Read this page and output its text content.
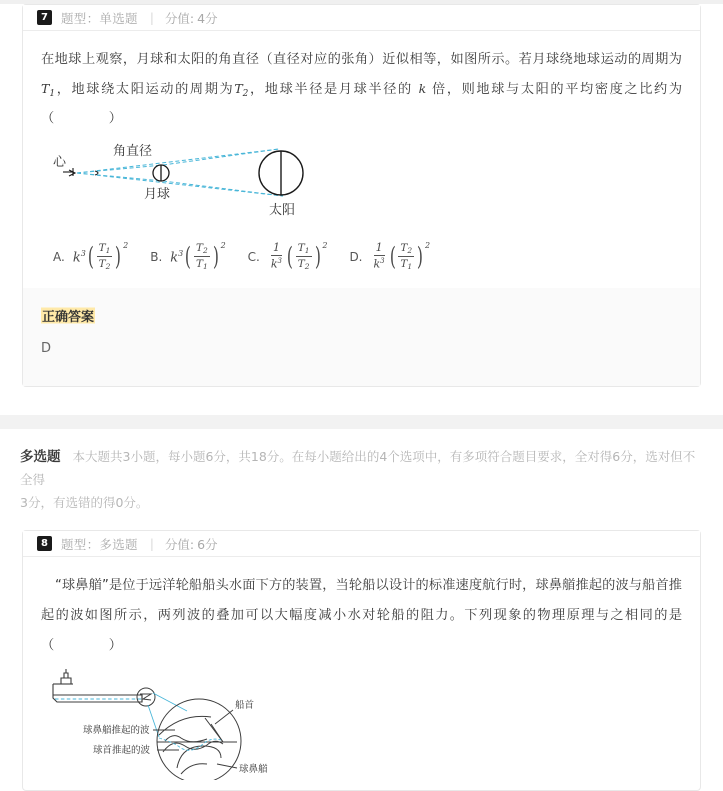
7	题型： 单选题 | 分值: 4分
在地球上观察，月球和太阳的角直径（直径对应的张角）近似相等，如图所示。若月球绕地球运动的周期为$T_1$，地球绕太阳运动的周期为$T_2$，地球半径是月球半径的 k 倍，则地球与太阳的平均密度之比约为（	）
心
角直径
月球
太阳
A. $k^3$ ( $\frac{T1}{T2} )^2$
B. $k^3$ ( $\frac{T2}{T1} )^2$
C. $\frac{1}{k^3}$ ( $\frac{T1}{T2} )^2$
D. $\frac{1}{k^3}$ ( $\frac{T2}{T1} )^2$
正确答案
D
多选题 本大题共3小题，每小题6分，共18分。在每小题给出的4个选项中，有多项符合题目要求，全对得6分，选对但不全得
3分，有选错的得0分。
8	题型： 多选题 | 分值: 6分
“球鼻艏”是位于远洋轮船船头水面下方的装置，当轮船以设计的标准速度航行时，球鼻艏推起的波与船首推起的波如图所示，两列波的叠加可以大幅度减小水对轮船的阻力。下列现象的物理原理与之相同的是（	）
船首
球鼻艏推起的波
球首推起的波
球鼻艏
